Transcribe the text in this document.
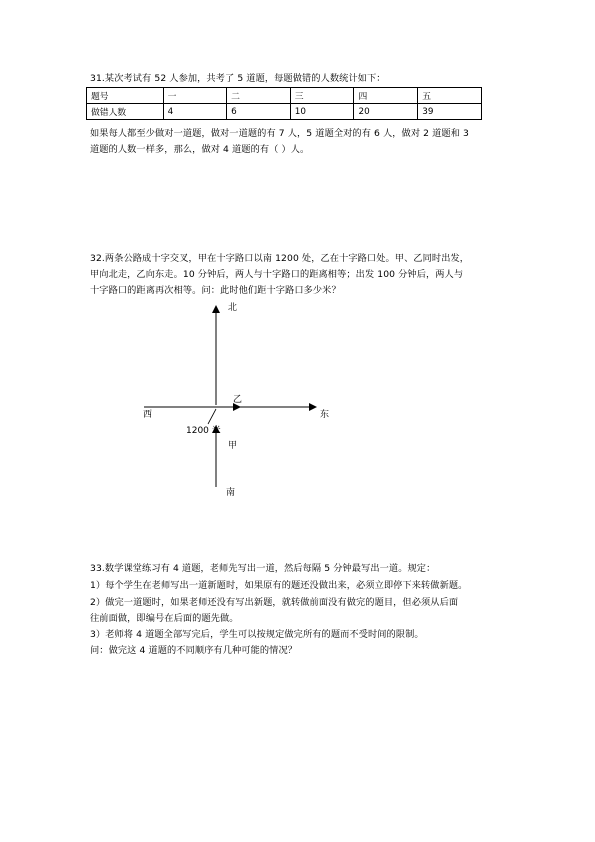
31.某次考试有 52 人参加，共考了 5 道题，每题做错的人数统计如下：
题号	一	二	三	四	五
做错人数	4	6	10	20	39
如果每人都至少做对一道题，做对一道题的有 7 人，5 道题全对的有 6 人，做对 2 道题和 3
道题的人数一样多，那么，做对 4 道题的有（ ）人。
32.两条公路成十字交叉，甲在十字路口以南 1200 处，乙在十字路口处。甲、乙同时出发，
甲向北走，乙向东走。10 分钟后，两人与十字路口的距离相等；出发 100 分钟后，两人与
十字路口的距离再次相等。问：此时他们距十字路口多少米？
北
乙
西	东
1200 米
甲
南
33.数学课堂练习有 4 道题，老师先写出一道，然后每隔 5 分钟最写出一道。规定：
1）每个学生在老师写出一道新题时，如果原有的题还没做出来，必须立即停下来转做新题。
2）做完一道题时，如果老师还没有写出新题，就转做前面没有做完的题目，但必须从后面
往前面做，即编号在后面的题先做。
3）老师将 4 道题全部写完后，学生可以按规定做完所有的题而不受时间的限制。
问：做完这 4 道题的不同顺序有几种可能的情况？
